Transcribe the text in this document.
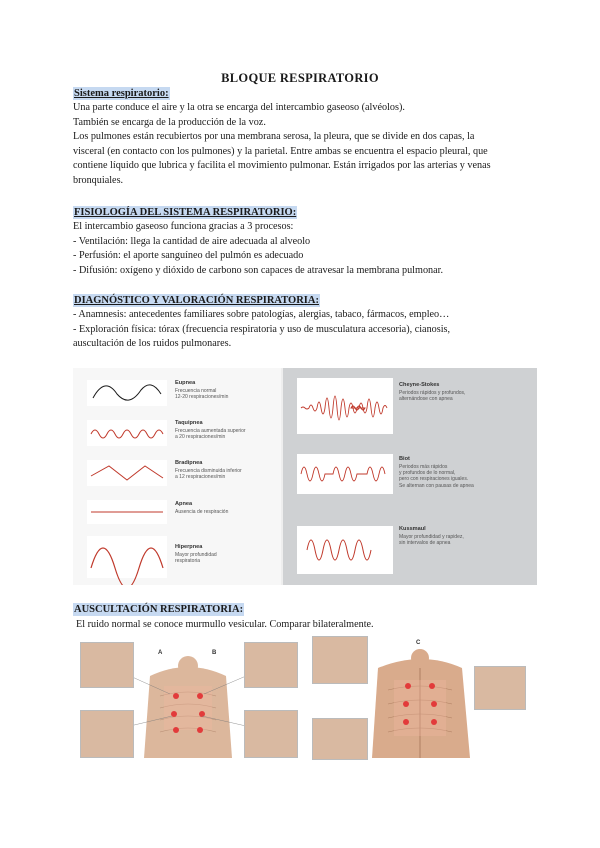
BLOQUE RESPIRATORIO
Sistema respiratorio:

Una parte conduce el aire y la otra se encarga del intercambio gaseoso (alvéolos).

También se encarga de la producción de la voz.

Los pulmones están recubiertos por una membrana serosa, la pleura, que se divide en dos capas, la

visceral (en contacto con los pulmones) y la parietal. Entre ambas se encuentra el espacio pleural, que

contiene líquido que lubrica y facilita el movimiento pulmonar. Están irrigados por las arterias y venas

bronquiales.

FISIOLOGÍA DEL SISTEMA RESPIRATORIO:

El intercambio gaseoso funciona gracias a 3 procesos:

- Ventilación: llega la cantidad de aire adecuada al alveolo

- Perfusión: el aporte sanguíneo del pulmón es adecuado

- Difusión: oxígeno y dióxido de carbono son capaces de atravesar la membrana pulmonar.

DIAGNÓSTICO Y VALORACIÓN RESPIRATORIA:

- Anamnesis: antecedentes familiares sobre patologías, alergias, tabaco, fármacos, empleo…

- Exploración física: tórax (frecuencia respiratoria y uso de musculatura accesoria), cianosis,

auscultación de los ruidos pulmonares.

Eupnea
Frecuencia normal
12-20 respiraciones/min
Taquipnea
Frecuencia aumentada superior
a 20 respiraciones/min
Bradipnea
Frecuencia disminuida inferior
a 12 respiraciones/min
Apnea
Ausencia de respiración
Hiperpnea
Mayor profundidad
respiratoria
Cheyne-Stokes
Periodos rápidos y profundos,
alternándose con apnea
Biot
Periodos más rápidos
y profundos de lo normal,
pero con respiraciones iguales.
Se alternan con pausas de apnea
Kussmaul
Mayor profundidad y rapidez,
sin intervalos de apnea
AUSCULTACIÓN RESPIRATORIA:

El ruido normal se conoce murmullo vesicular. Comparar bilateralmente.

A	B
C
